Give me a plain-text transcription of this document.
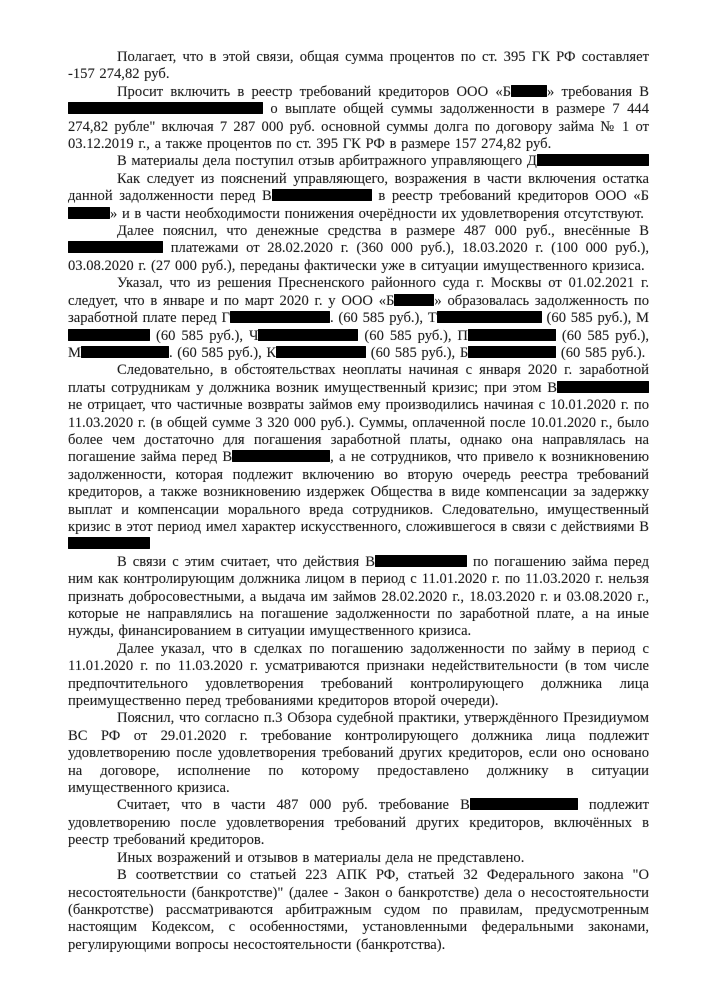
Полагает, что в этой связи, общая сумма процентов по ст. 395 ГК РФ составляет -157 274,82 руб.

Просит включить в реестр требований кредиторов ООО «Б » требования В о выплате общей суммы задолженности в размере 7 444 274,82 рубле" включая 7 287 000 руб. основной суммы долга по договору займа № 1 от 03.12.2019 г., а также процентов по ст. 395 ГК РФ в размере 157 274,82 руб.

В материалы дела поступил отзыв арбитражного управляющего Д

Как следует из пояснений управляющего, возражения в части включения остатка данной задолженности перед В	в реестр требований кредиторов ООО «Б» и в части необходимости понижения очерёдности их удовлетворения отсутствуют.

Далее пояснил, что денежные средства в размере 487 000 руб., внесённые В платежами от 28.02.2020 г. (360 000 руб.), 18.03.2020 г. (100 000 руб.), 03.08.2020 г. (27 000 руб.), переданы фактически уже в ситуации имущественного кризиса.

Указал, что из решения Пресненского районного суда г. Москвы от 01.02.2021 г. следует, что в январе и по март 2020 г. у ООО «Б	» образовалась задолженность по заработной плате перед Г	. (60 585 руб.), Т	(60 585 руб.), М (60 585 руб.), Ч	(60 585 руб.), П	(60 585 руб.), М	. (60 585 руб.), К	(60 585 руб.), Б	(60 585 руб.).

Следовательно, в обстоятельствах неоплаты начиная с января 2020 г. заработной платы сотрудникам у должника возник имущественный кризис; при этом В не отрицает, что частичные возвраты займов ему производились начиная с 10.01.2020 г. по 11.03.2020 г. (в общей сумме 3 320 000 руб.). Суммы, оплаченной после 10.01.2020 г., было более чем достаточно для погашения заработной платы, однако она направлялась на погашение займа перед В	, а не сотрудников, что привело к возникновению задолженности, которая подлежит включению во вторую очередь реестра требований кредиторов, а также возникновению издержек Общества в виде компенсации за задержку выплат и компенсации морального вреда сотрудников. Следовательно, имущественный кризис в этот период имел характер искусственного, сложившегося в связи с действиями В

В связи с этим считает, что действия В	по погашению займа перед ним как контролирующим должника лицом в период с 11.01.2020 г. по 11.03.2020 г. нельзя признать добросовестными, а выдача им займов 28.02.2020 г., 18.03.2020 г. и 03.08.2020 г., которые не направлялись на погашение задолженности по заработной плате, а на иные нужды, финансированием в ситуации имущественного кризиса.

Далее указал, что в сделках по погашению задолженности по займу в период с 11.01.2020 г. по 11.03.2020 г. усматриваются признаки недействительности (в том числе предпочтительного удовлетворения требований контролирующего должника лица преимущественно перед требованиями кредиторов второй очереди).

Пояснил, что согласно п.3 Обзора судебной практики, утверждённого Президиумом ВС РФ от 29.01.2020 г. требование контролирующего должника лица подлежит удовлетворению после удовлетворения требований других кредиторов, если оно основано на договоре, исполнение по которому предоставлено должнику в ситуации имущественного кризиса.

Считает, что в части 487 000 руб. требование В	подлежит удовлетворению после удовлетворения требований других кредиторов, включённых в реестр требований кредиторов.

Иных возражений и отзывов в материалы дела не представлено.

В соответствии со статьей 223 АПК РФ, статьей 32 Федерального закона "О несостоятельности (банкротстве)" (далее - Закон о банкротстве) дела о несостоятельности (банкротстве) рассматриваются арбитражным судом по правилам, предусмотренным настоящим Кодексом, с особенностями, установленными федеральными законами, регулирующими вопросы несостоятельности (банкротства).
